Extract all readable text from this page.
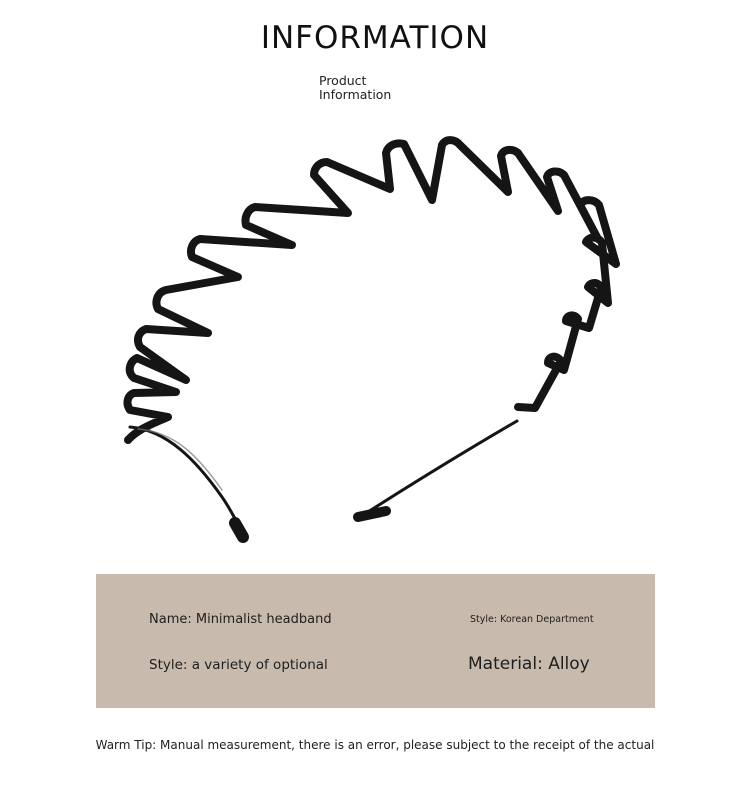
INFORMATION
Product
Information
Name: Minimalist headband	Style: Korean Department
Style: a variety of optional	Material: Alloy
Warm Tip: Manual measurement, there is an error, please subject to the receipt of the actual
